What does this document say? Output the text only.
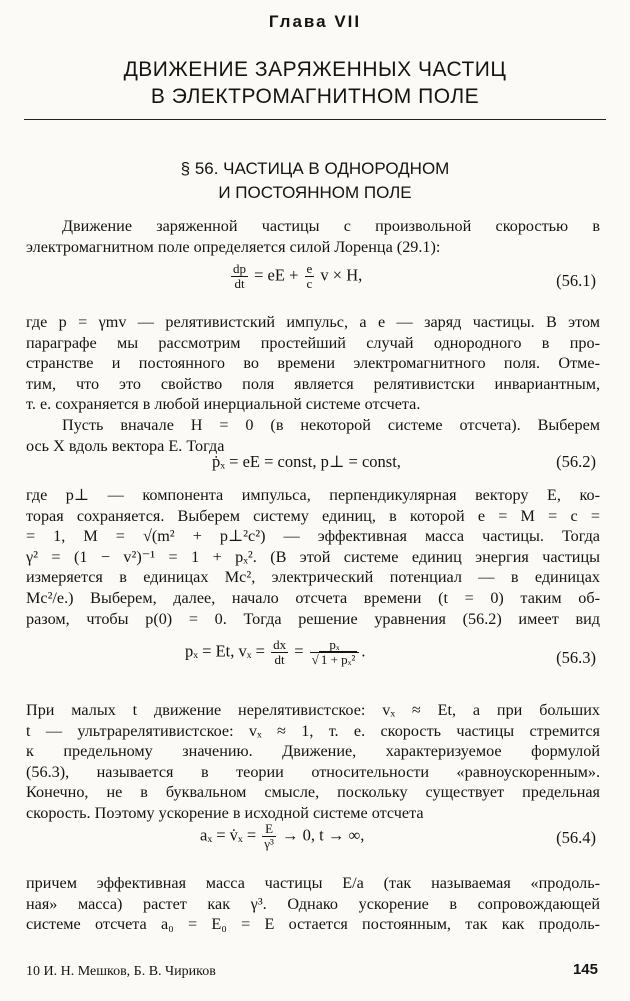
Глава VII
ДВИЖЕНИЕ ЗАРЯЖЕННЫХ ЧАСТИЦ
В ЭЛЕКТРОМАГНИТНОМ ПОЛЕ
§ 56. ЧАСТИЦА В ОДНОРОДНОМ
И ПОСТОЯННОМ ПОЛЕ
Движение заряженной частицы с произвольной скоростью в
электромагнитном поле определяется силой Лоренца (29.1):
$\frac{dp}{dt}$ = eE + $\frac{e}{c}$ v × H,	(56.1)
где p = γmv — релятивистский импульс, а e — заряд частицы. В этом
параграфе мы рассмотрим простейший случай однородного в про-
странстве и постоянного во времени электромагнитного поля. Отме-
тим, что это свойство поля является релятивистски инвариантным,
т. е. сохраняется в любой инерциальной системе отсчета.
Пусть вначале H = 0 (в некоторой системе отсчета). Выберем
ось X вдоль вектора E. Тогда
ṗₓ = eE = const, p⊥ = const,	(56.2)
где p⊥ — компонента импульса, перпендикулярная вектору E, ко-
торая сохраняется. Выберем систему единиц, в которой e = M = c =
= 1, M = √(m² + p⊥²c²) — эффективная масса частицы. Тогда
γ² = (1 − v²)⁻¹ = 1 + pₓ². (В этой системе единиц энергия частицы
измеряется в единицах Mc², электрический потенциал — в единицах
Mc²/e.) Выберем, далее, начало отсчета времени (t = 0) таким об-
разом, чтобы p(0) = 0. Тогда решение уравнения (56.2) имеет вид
pₓ = Et, $v_x = \frac{dx}{dt} = \frac{\text{pₓ}}{\text{√ 1 + pₓ²}}$ .	(56.3)
При малых t движение нерелятивистское: vₓ ≈ Et, а при больших
t — ультрарелятивистское: vₓ ≈ 1, т. е. скорость частицы стремится
к предельному значению. Движение, характеризуемое формулой
(56.3), называется в теории относительности «равноускоренным».
Конечно, не в буквальном смысле, поскольку существует предельная
скорость. Поэтому ускорение в исходной системе отсчета
aₓ = v̇ₓ = $\frac{E}{\text{γ³}} \to 0$, t → ∞,	(56.4)
причем эффективная масса частицы E/a (так называемая «продоль-
ная» масса) растет как γ³. Однако ускорение в сопровождающей
системе отсчета a₀ = E₀ = E остается постоянным, так как продоль-
10 И. Н. Мешков, Б. В. Чириков	145
